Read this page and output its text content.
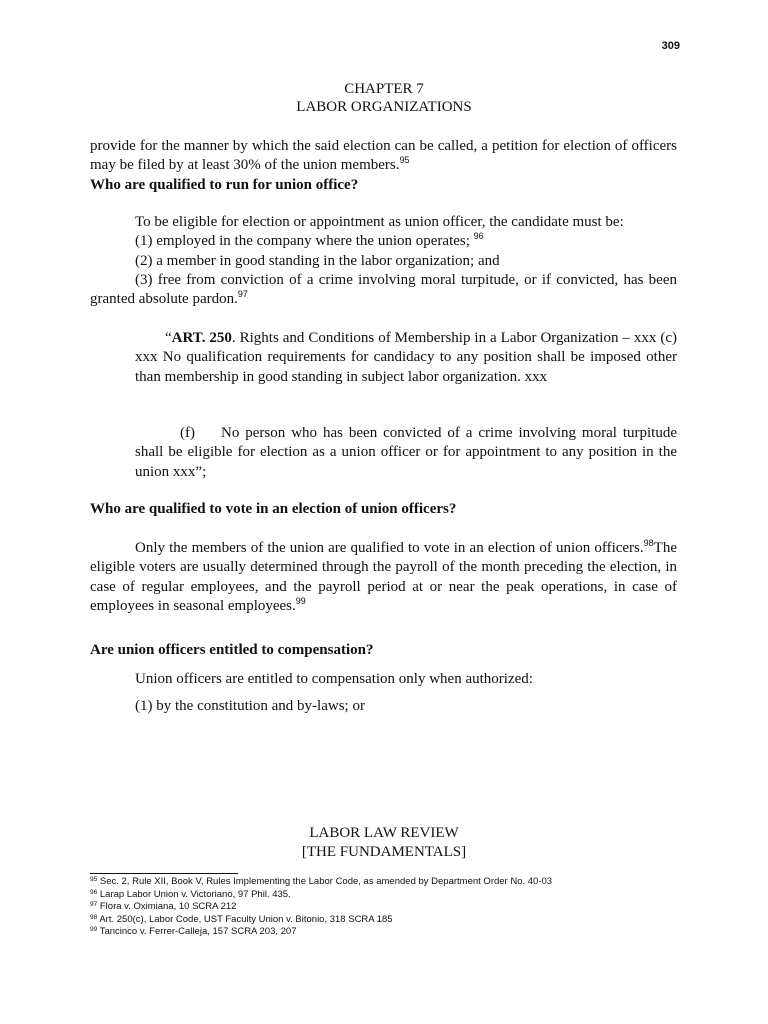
309
CHAPTER 7
LABOR ORGANIZATIONS

provide for the manner by which the said election can be called, a petition for election of officers may be filed by at least 30% of the union members.$^{95}$

Who are qualified to run for union office?

To be eligible for election or appointment as union officer, the candidate must be:

(1) employed in the company where the union operates; $^{96}$

(2) a member in good standing in the labor organization; and

(3) free from conviction of a crime involving moral turpitude, or if convicted, has been granted absolute pardon.$^{97}$

“ART. 250. Rights and Conditions of Membership in a Labor Organization – xxx (c) xxx No qualification requirements for candidacy to any position shall be imposed other than membership in good standing in subject labor organization. xxx

(f) No person who has been convicted of a crime involving moral turpitude shall be eligible for election as a union officer or for appointment to any position in the union xxx”;

Who are qualified to vote in an election of union officers?

Only the members of the union are qualified to vote in an election of union officers.$^{98}$The eligible voters are usually determined through the payroll of the month preceding the election, in case of regular employees, and the payroll period at or near the peak operations, in case of employees in seasonal employees.$^{99}$

Are union officers entitled to compensation?

Union officers are entitled to compensation only when authorized:

(1) by the constitution and by-laws; or

LABOR LAW REVIEW
[THE FUNDAMENTALS]
$^{95}$ Sec. 2, Rule XII, Book V, Rules Implementing the Labor Code, as amended by Department Order No. 40-03
$^{96}$ Larap Labor Union v. Victoriano, 97 Phil. 435.
$^{97}$ Flora v. Oximiana, 10 SCRA 212
$^{98}$ Art. 250(c), Labor Code, UST Faculty Union v. Bitonio, 318 SCRA 185
$^{99}$ Tancinco v. Ferrer-Calleja, 157 SCRA 203, 207
